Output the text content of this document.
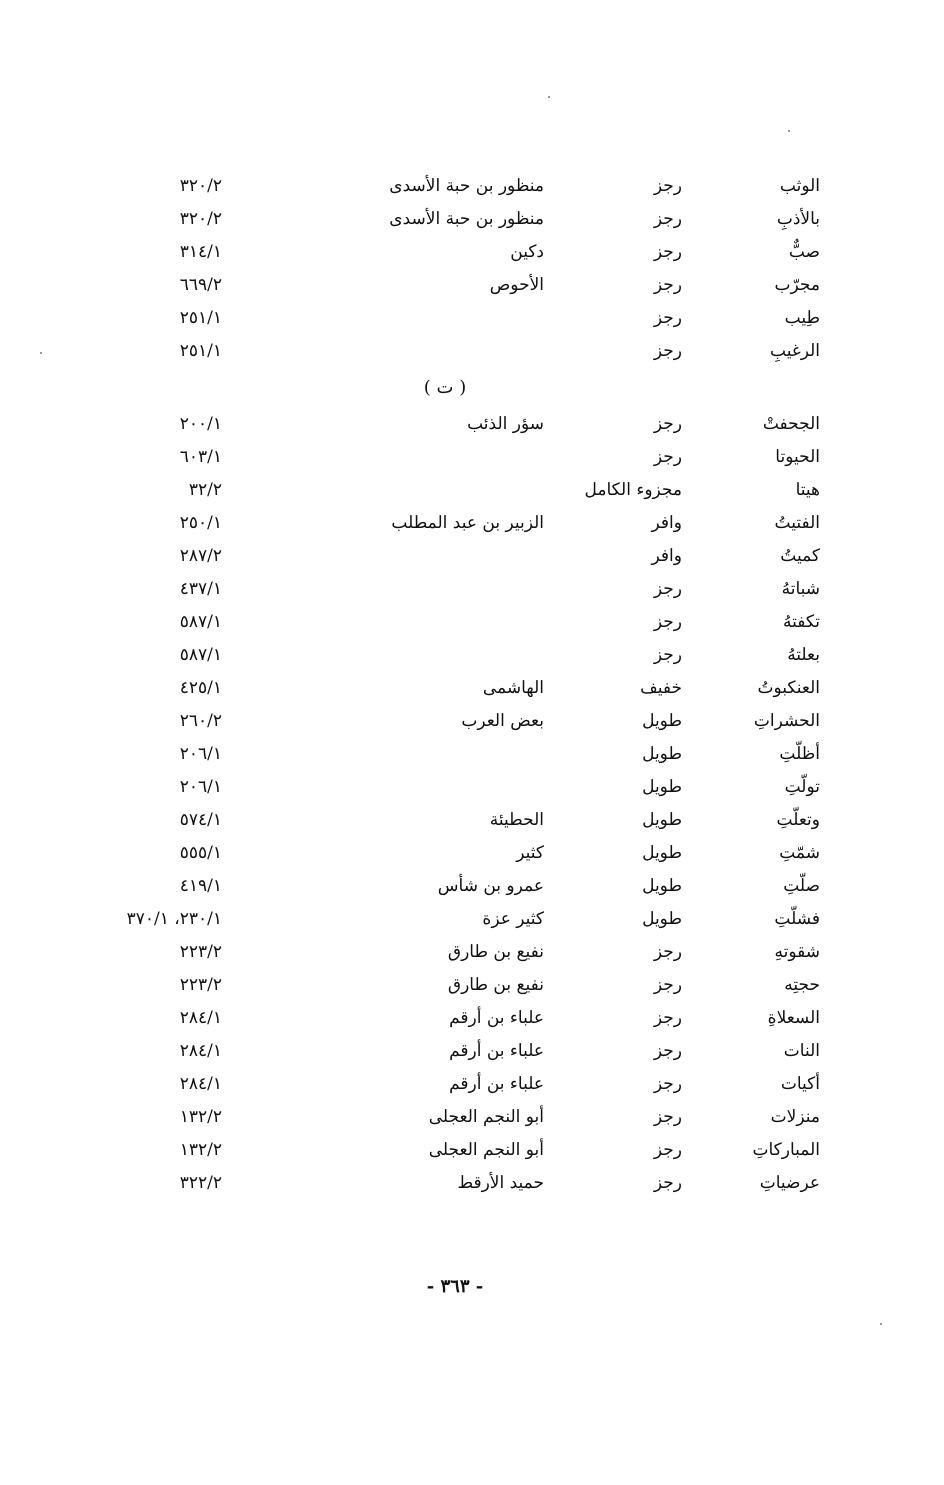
الوثب
رجز
منظور بن حبة الأسدى
٣٢٠/٢
بالأذبِ
رجز
منظور بن حبة الأسدى
٣٢٠/٢
صبٌّ
رجز
دكين
٣١٤/١
مجرّب
رجز
الأحوص
٦٦٩/٢
طِيب
رجز
٢٥١/١
الرغيبِ
رجز
٢٥١/١
( ت )
الجحفتْ
رجز
سؤر الذئب
٢٠٠/١
الحيوتا
رجز
٦٠٣/١
هيتا
مجزوء الكامل
٣٢/٢
الفتيتُ
وافر
الزبير بن عبد المطلب
٢٥٠/١
كميتُ
وافر
٢٨٧/٢
شباتهُ
رجز
٤٣٧/١
تكفتهُ
رجز
٥٨٧/١
بعلتهُ
رجز
٥٨٧/١
العنكبوتُ
خفيف
الهاشمى
٤٢٥/١
الحشراتِ
طويل
بعض العرب
٢٦٠/٢
أظلّتِ
طويل
٢٠٦/١
تولّتِ
طويل
٢٠٦/١
وتعلّتِ
طويل
الحطيئة
٥٧٤/١
شمّتِ
طويل
كثير
٥٥٥/١
صلّتِ
طويل
عمرو بن شأس
٤١٩/١
فشلّتِ
طويل
كثير عزة
٢٣٠/١، ٣٧٠/١
شقوتهِ
رجز
نفيع بن طارق
٢٢٣/٢
حجتِه
رجز
نفيع بن طارق
٢٢٣/٢
السعلاةِ
رجز
علباء بن أرقم
٢٨٤/١
النات
رجز
علباء بن أرقم
٢٨٤/١
أكيات
رجز
علباء بن أرقم
٢٨٤/١
منزلات
رجز
أبو النجم العجلى
١٣٢/٢
المباركاتِ
رجز
أبو النجم العجلى
١٣٢/٢
عرضياتِ
رجز
حميد الأرقط
٣٢٢/٢
- ٣٦٣ -
